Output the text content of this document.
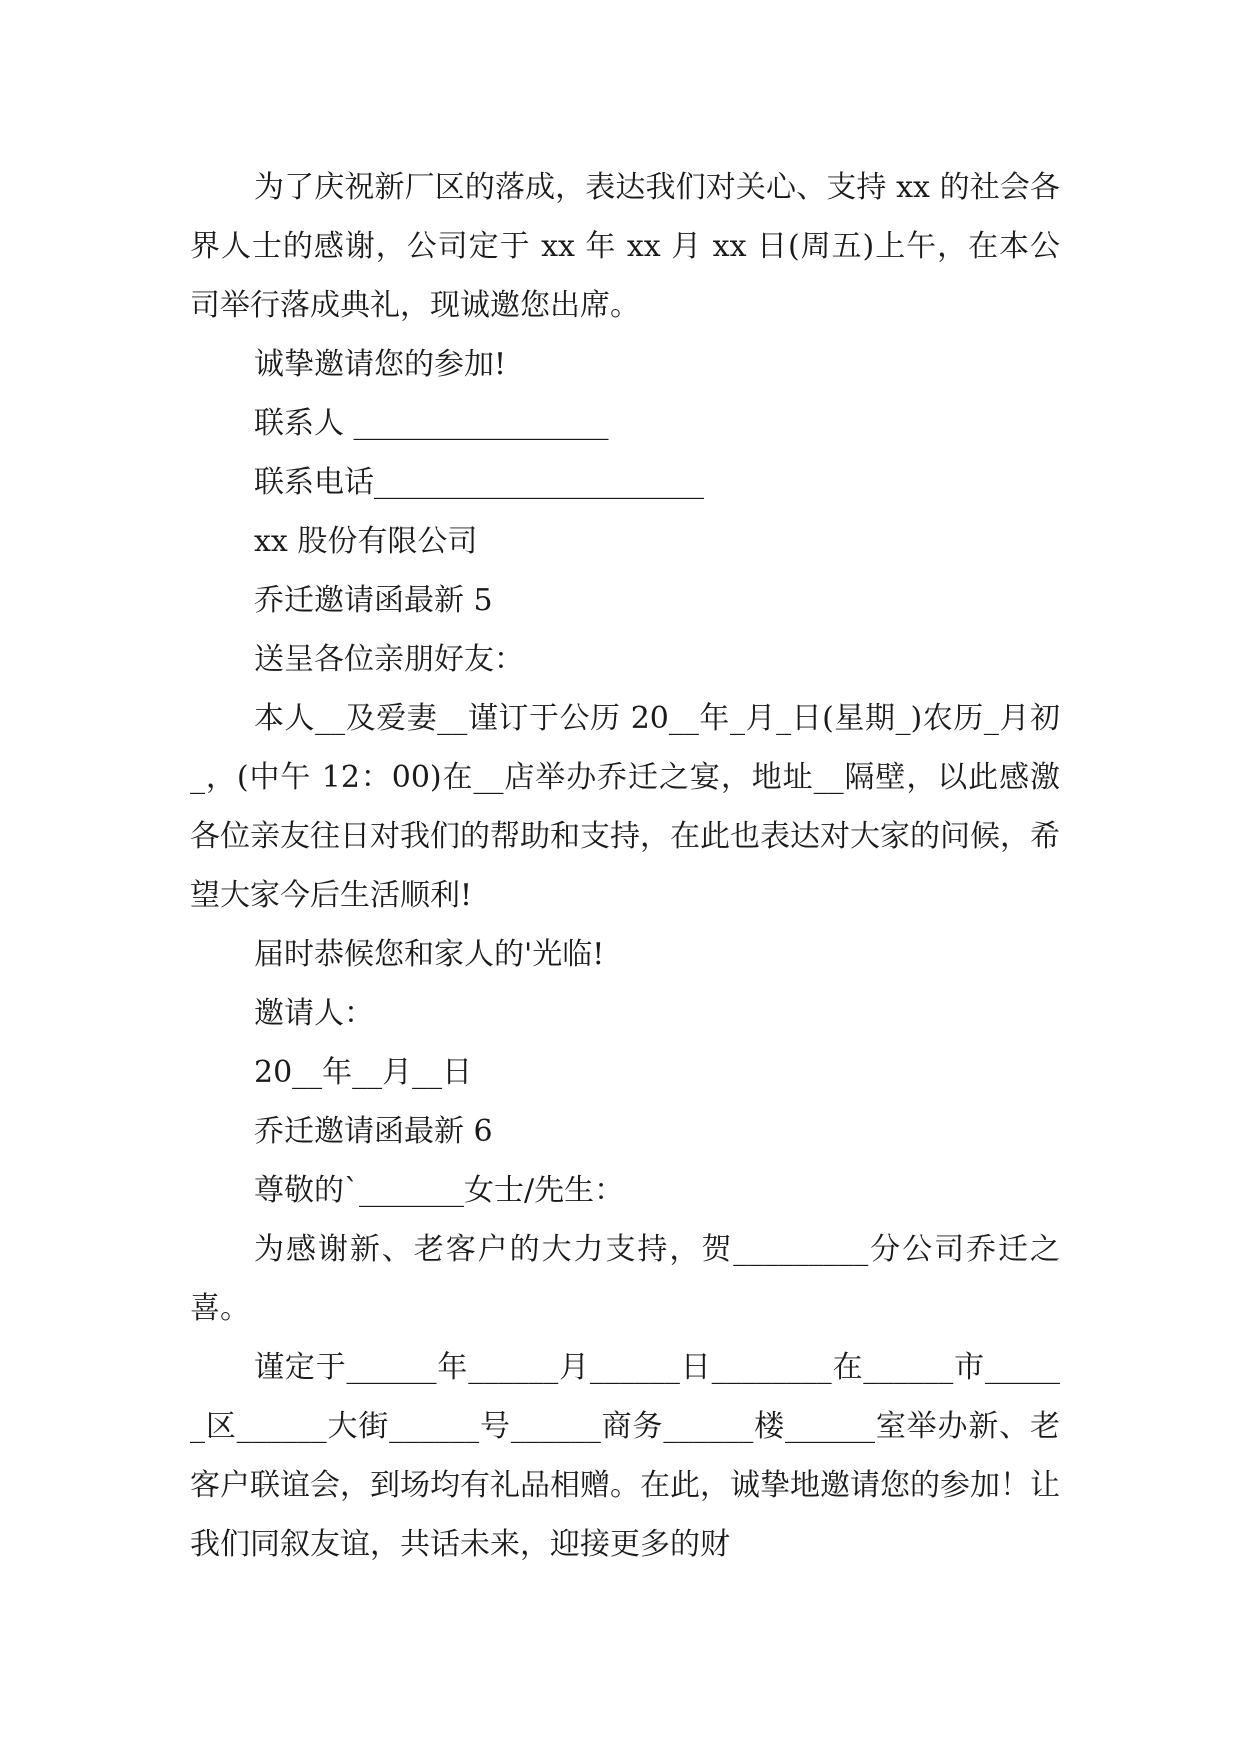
为了庆祝新厂区的落成，表达我们对关心、支持 xx 的社会各界人士的感谢，公司定于 xx 年 xx 月 xx 日(周五)上午，在本公司举行落成典礼，现诚邀您出席。

诚挚邀请您的参加!

联系人 _________________

联系电话______________________

xx 股份有限公司

乔迁邀请函最新 5

送呈各位亲朋好友：

本人__及爱妻__谨订于公历 20__年_月_日(星期_)农历_月初_，(中午 12：00)在__店举办乔迁之宴，地址__隔壁，以此感激各位亲友往日对我们的帮助和支持，在此也表达对大家的问候，希望大家今后生活顺利!

届时恭候您和家人的'光临!

邀请人：

20__年__月__日

乔迁邀请函最新 6

尊敬的`_______女士/先生：

为感谢新、老客户的大力支持，贺_________分公司乔迁之喜。

谨定于______年______月______日________在______市______区______大街______号______商务______楼______室举办新、老客户联谊会，到场均有礼品相赠。在此，诚挚地邀请您的参加！让我们同叙友谊，共话未来，迎接更多的财
